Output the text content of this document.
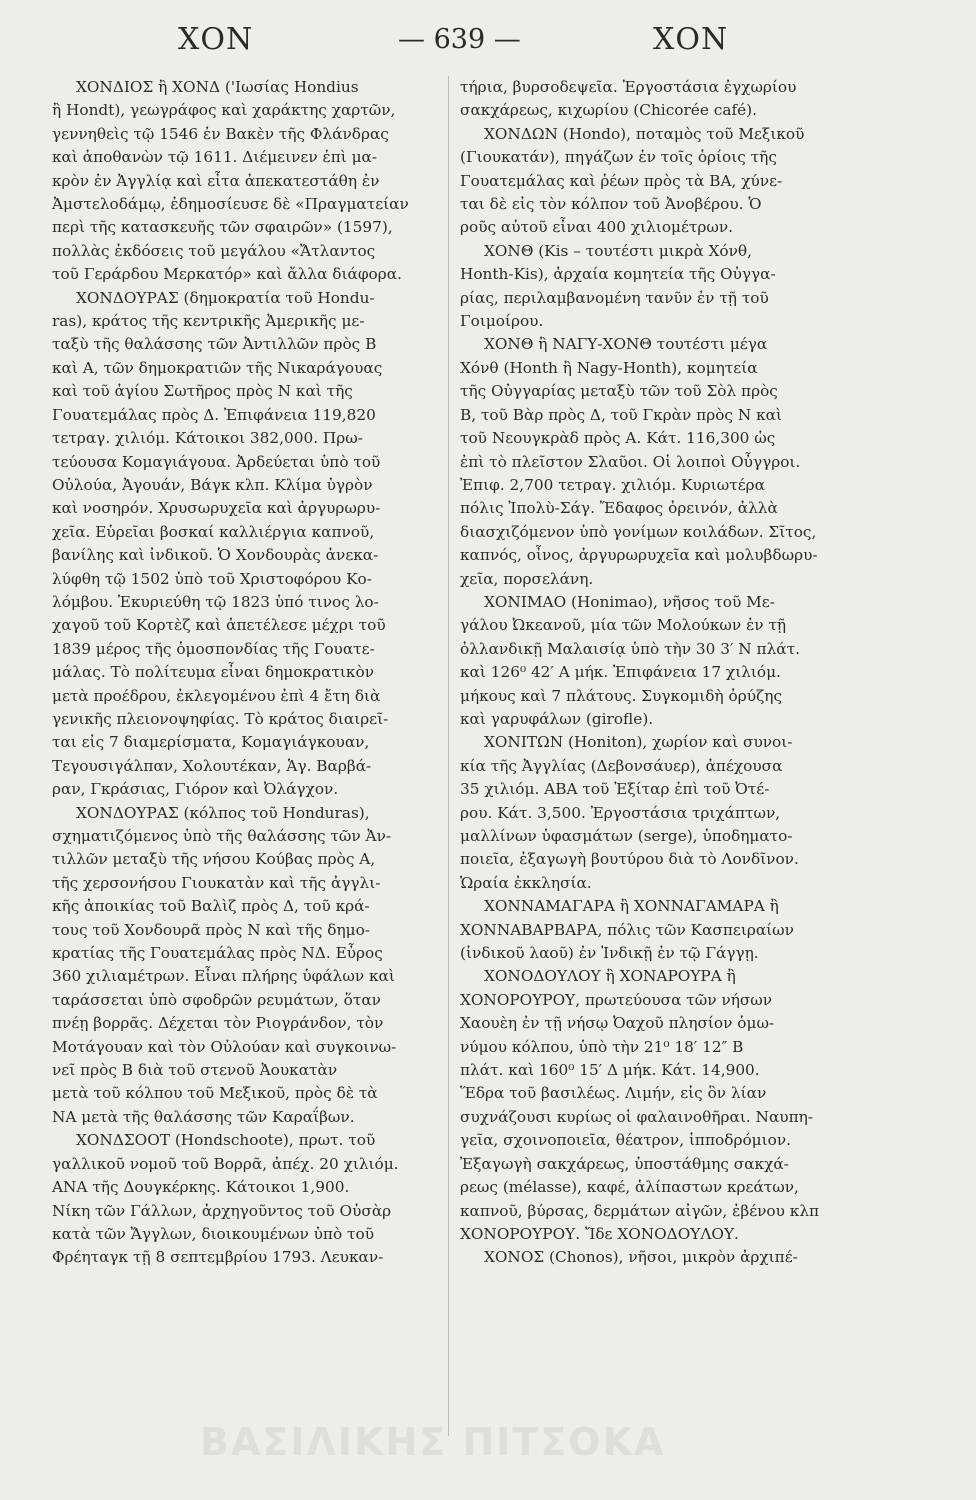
ΧΟΝ	— 639 —	ΧΟΝ
ΧΟΝΔΙΟΣ ἢ ΧΟΝΔ ('Ιωσίας Hondius
ἢ Hondt), γεωγράφος καὶ χαράκτης χαρτῶν,
γεννηθεὶς τῷ 1546 ἐν Βακὲν τῆς Φλάνδρας
καὶ ἀποθανὼν τῷ 1611. Διέμεινεν ἐπὶ μα-
κρὸν ἐν Ἀγγλίᾳ καὶ εἶτα ἀπεκατεστάθη ἐν
Ἀμστελοδάμῳ, ἐδημοσίευσε δὲ «Πραγματείαν
περὶ τῆς κατασκευῆς τῶν σφαιρῶν» (1597),
πολλὰς ἐκδόσεις τοῦ μεγάλου «Ἄτλαντος
τοῦ Γεράρδου Μερκατόρ» καὶ ἄλλα διάφορα.
ΧΟΝΔΟΥΡΑΣ (δημοκρατία τοῦ Hondu-
ras), κράτος τῆς κεντρικῆς Ἀμερικῆς με-
ταξὺ τῆς θαλάσσης τῶν Ἀντιλλῶν πρὸς Β
καὶ Α, τῶν δημοκρατιῶν τῆς Νικαράγουας
καὶ τοῦ ἁγίου Σωτῆρος πρὸς Ν καὶ τῆς
Γουατεμάλας πρὸς Δ. Ἐπιφάνεια 119,820
τετραγ. χιλιόμ. Κάτοικοι 382,000. Πρω-
τεύουσα Κομαγιάγουα. Ἀρδεύεται ὑπὸ τοῦ
Οὐλούα, Ἀγουάν, Βάγκ κλπ. Κλίμα ὑγρὸν
καὶ νοσηρόν. Χρυσωρυχεῖα καὶ ἀργυρωρυ-
χεῖα. Εὑρεῖαι βοσκαί καλλιέργια καπνοῦ,
βανίλης καὶ ἰνδικοῦ. Ὁ Χονδουρὰς ἀνεκα-
λύφθη τῷ 1502 ὑπὸ τοῦ Χριστοφόρου Κο-
λόμβου. Ἐκυριεύθη τῷ 1823 ὑπό τινος λο-
χαγοῦ τοῦ Κορτὲζ καὶ ἀπετέλεσε μέχρι τοῦ
1839 μέρος τῆς ὁμοσπονδίας τῆς Γουατε-
μάλας. Τὸ πολίτευμα εἶναι δημοκρατικὸν
μετὰ προέδρου, ἐκλεγομένου ἐπὶ 4 ἔτη διὰ
γενικῆς πλειονοψηφίας. Τὸ κράτος διαιρεῖ-
ται εἰς 7 διαμερίσματα, Κομαγιάγκουαν,
Τεγουσιγάλπαν, Χολουτέκαν, Ἁγ. Βαρβά-
ραν, Γκράσιας, Γιόρον καὶ Ὀλάγχον.
ΧΟΝΔΟΥΡΑΣ (κόλπος τοῦ Honduras),
σχηματιζόμενος ὑπὸ τῆς θαλάσσης τῶν Ἀν-
τιλλῶν μεταξὺ τῆς νήσου Κούβας πρὸς Α,
τῆς χερσονήσου Γιουκατὰν καὶ τῆς ἀγγλι-
κῆς ἀποικίας τοῦ Βαλὶζ πρὸς Δ, τοῦ κρά-
τους τοῦ Χονδουρᾶ πρὸς Ν καὶ τῆς δημο-
κρατίας τῆς Γουατεμάλας πρὸς ΝΔ. Εὖρος
360 χιλιαμέτρων. Εἶναι πλήρης ὑφάλων καὶ
ταράσσεται ὑπὸ σφοδρῶν ρευμάτων, ὅταν
πνέῃ βορρᾶς. Δέχεται τὸν Ριογράνδον, τὸν
Μοτάγουαν καὶ τὸν Οὐλούαν καὶ συγκοινω-
νεῖ πρὸς Β διὰ τοῦ στενοῦ Ἀουκατὰν
μετὰ τοῦ κόλπου τοῦ Μεξικοῦ, πρὸς δὲ τὰ
ΝΑ μετὰ τῆς θαλάσσης τῶν Καραΐβων.
ΧΟΝΔΣΟΟΤ (Hondschoote), πρωτ. τοῦ
γαλλικοῦ νομοῦ τοῦ Βορρᾶ, ἀπέχ. 20 χιλιόμ.
ΑΝΑ τῆς Δουγκέρκης. Κάτοικοι 1,900.
Νίκη τῶν Γάλλων, ἀρχηγοῦντος τοῦ Οὐσὰρ
κατὰ τῶν Ἄγγλων, διοικουμένων ὑπὸ τοῦ
Φρέηταγκ τῇ 8 σεπτεμβρίου 1793. Λευκαν-
τήρια, βυρσοδεψεῖα. Ἐργοστάσια ἐγχωρίου
σακχάρεως, κιχωρίου (Chicorée café).
ΧΟΝΔΩΝ (Hondo), ποταμὸς τοῦ Μεξικοῦ
(Γιουκατάν), πηγάζων ἐν τοῖς ὁρίοις τῆς
Γουατεμάλας καὶ ῥέων πρὸς τὰ ΒΑ, χύνε-
ται δὲ εἰς τὸν κόλπον τοῦ Ἀνοβέρου. Ὁ
ροῦς αὐτοῦ εἶναι 400 χιλιομέτρων.
ΧΟΝΘ (Kis – τουτέστι μικρὰ Χόνθ,
Honth-Kis), ἀρχαία κομητεία τῆς Οὐγγα-
ρίας, περιλαμβανομένη τανῦν ἐν τῇ τοῦ
Γοιμοίρου.
ΧΟΝΘ ἢ ΝΑΓΥ-ΧΟΝΘ τουτέστι μέγα
Χόνθ (Honth ἢ Nagy-Honth), κομητεία
τῆς Οὐγγαρίας μεταξὺ τῶν τοῦ Σὸλ πρὸς
Β, τοῦ Βὰρ πρὸς Δ, τοῦ Γκρὰν πρὸς Ν καὶ
τοῦ Νεουγκρὰδ πρὸς Α. Κάτ. 116,300 ὡς
ἐπὶ τὸ πλεῖστον Σλαῦοι. Οἱ λοιποὶ Οὖγγροι.
Ἐπιφ. 2,700 τετραγ. χιλιόμ. Κυριωτέρα
πόλις Ἰπολὺ-Σάγ. Ἔδαφος ὀρεινόν, ἀλλὰ
διασχιζόμενον ὑπὸ γονίμων κοιλάδων. Σῖτος,
καπνός, οἶνος, ἀργυρωρυχεῖα καὶ μολυβδωρυ-
χεῖα, πορσελάνη.
ΧΟΝΙΜΑΟ (Honimao), νῆσος τοῦ Με-
γάλου Ὠκεανοῦ, μία τῶν Μολούκων ἐν τῇ
ὀλλανδικῇ Μαλαισίᾳ ὑπὸ τὴν 30 3′ Ν πλάτ.
καὶ 126⁰ 42′ Α μήκ. Ἐπιφάνεια 17 χιλιόμ.
μήκους καὶ 7 πλάτους. Συγκομιδὴ ὀρύζης
καὶ γαρυφάλων (girofle).
ΧΟΝΙΤΩΝ (Honiton), χωρίον καὶ συνοι-
κία τῆς Ἀγγλίας (Δεβονσάυερ), ἀπέχουσα
35 χιλιόμ. ΑΒΑ τοῦ Ἐξίταρ ἐπὶ τοῦ Ὀτέ-
ρου. Κάτ. 3,500. Ἐργοστάσια τριχάπτων,
μαλλίνων ὑφασμάτων (serge), ὑποδηματο-
ποιεῖα, ἐξαγωγὴ βουτύρου διὰ τὸ Λονδῖνον.
Ὡραία ἐκκλησία.
ΧΟΝΝΑΜΑΓΑΡΑ ἢ ΧΟΝΝΑΓΑΜΑΡΑ ἢ
ΧΟΝΝΑΒΑΡΒΑΡΑ, πόλις τῶν Κασπειραίων
(ἰνδικοῦ λαοῦ) ἐν Ἰνδικῇ ἐν τῷ Γάγγῃ.
ΧΟΝΟΔΟΥΛΟΥ ἢ ΧΟΝΑΡΟΥΡΑ ἢ
ΧΟΝΟΡΟΥΡΟΥ, πρωτεύουσα τῶν νήσων
Χαουὲη ἐν τῇ νήσῳ Ὀαχοῦ πλησίον ὁμω-
νύμου κόλπου, ὑπὸ τὴν 21⁰ 18′ 12″ Β
πλάτ. καὶ 160⁰ 15′ Δ μήκ. Κάτ. 14,900.
Ἕδρα τοῦ βασιλέως. Λιμήν, εἰς ὃν λίαν
συχνάζουσι κυρίως οἱ φαλαινοθῆραι. Ναυπη-
γεῖα, σχοινοποιεῖα, θέατρον, ἱπποδρόμιον.
Ἐξαγωγὴ σακχάρεως, ὑποστάθμης σακχά-
ρεως (mélasse), καφέ, ἁλίπαστων κρεάτων,
καπνοῦ, βύρσας, δερμάτων αἰγῶν, ἐβένου κλπ
ΧΟΝΟΡΟΥΡΟΥ. Ἴδε ΧΟΝΟΔΟΥΛΟΥ.
ΧΟΝΟΣ (Chonos), νῆσοι, μικρὸν ἀρχιπέ-
ΒΑΣΙΛΙΚΗΣ ΠΙΤΣΟΚΑ
